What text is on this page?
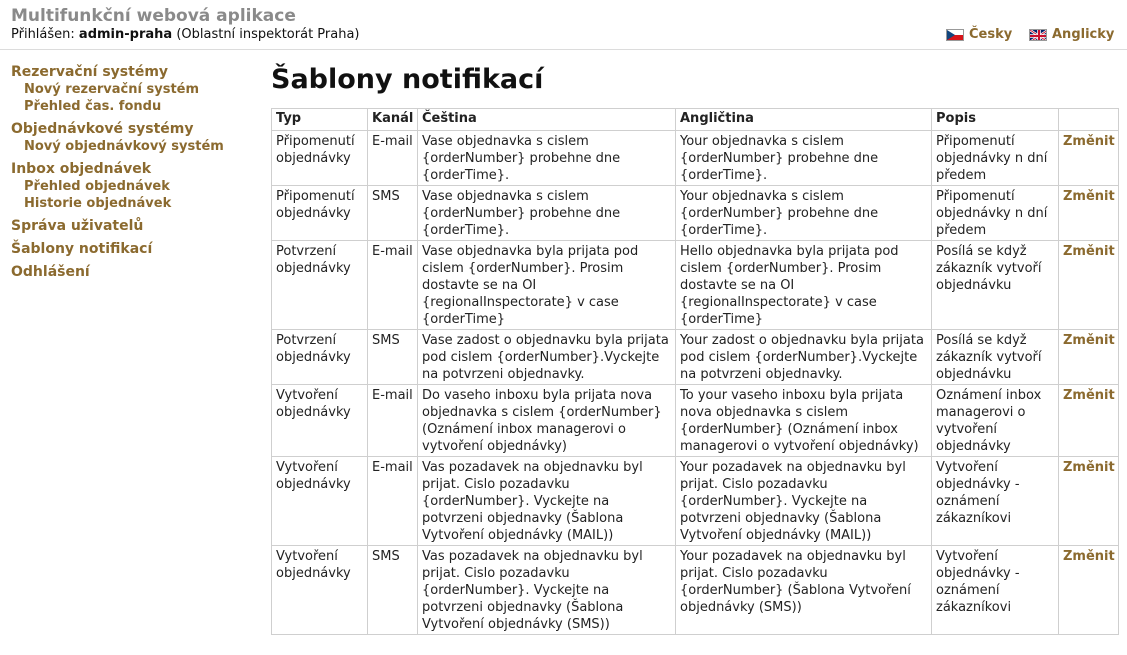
Multifunkční webová aplikace
Přihlášen: admin-praha (Oblastní inspektorát Praha)	Česky	Anglicky
Rezervační systémy
Nový rezervační systém
Přehled čas. fondu
Objednávkové systémy
Nový objednávkový systém
Inbox objednávek
Přehled objednávek
Historie objednávek
Správa uživatelů
Šablony notifikací
Odhlášení
Šablony notifikací
Typ	Kanál	Čeština	Angličtina	Popis	
Připomenutí objednávky	E-mail	Vase objednavka s cislem {orderNumber} probehne dne {orderTime}.	Your objednavka s cislem {orderNumber} probehne dne {orderTime}.	Připomenutí objednávky n dní předem	Změnit
Připomenutí objednávky	SMS	Vase objednavka s cislem {orderNumber} probehne dne {orderTime}.	Your objednavka s cislem {orderNumber} probehne dne {orderTime}.	Připomenutí objednávky n dní předem	Změnit
Potvrzení objednávky	E-mail	Vase objednavka byla prijata pod cislem {orderNumber}. Prosim dostavte se na OI {regionalInspectorate} v case {orderTime}	Hello objednavka byla prijata pod cislem {orderNumber}. Prosim dostavte se na OI {regionalInspectorate} v case {orderTime}	Posílá se když zákazník vytvoří objednávku	Změnit
Potvrzení objednávky	SMS	Vase zadost o objednavku byla prijata pod cislem {orderNumber}.Vyckejte na potvrzeni objednavky.	Your zadost o objednavku byla prijata pod cislem {orderNumber}.Vyckejte na potvrzeni objednavky.	Posílá se když zákazník vytvoří objednávku	Změnit
Vytvoření objednávky	E-mail	Do vaseho inboxu byla prijata nova objednavka s cislem {orderNumber} (Oznámení inbox managerovi o vytvoření objednávky)	To your vaseho inboxu byla prijata nova objednavka s cislem {orderNumber} (Oznámení inbox managerovi o vytvoření objednávky)	Oznámení inbox managerovi o vytvoření objednávky	Změnit
Vytvoření objednávky	E-mail	Vas pozadavek na objednavku byl prijat. Cislo pozadavku {orderNumber}. Vyckejte na potvrzeni objednavky (Šablona Vytvoření objednávky (MAIL))	Your pozadavek na objednavku byl prijat. Cislo pozadavku {orderNumber}. Vyckejte na potvrzeni objednavky (Šablona Vytvoření objednávky (MAIL))	Vytvoření objednávky - oznámení zákazníkovi	Změnit
Vytvoření objednávky	SMS	Vas pozadavek na objednavku byl prijat. Cislo pozadavku {orderNumber}. Vyckejte na potvrzeni objednavky (Šablona Vytvoření objednávky (SMS))	Your pozadavek na objednavku byl prijat. Cislo pozadavku {orderNumber} (Šablona Vytvoření objednávky (SMS))	Vytvoření objednávky - oznámení zákazníkovi	Změnit
